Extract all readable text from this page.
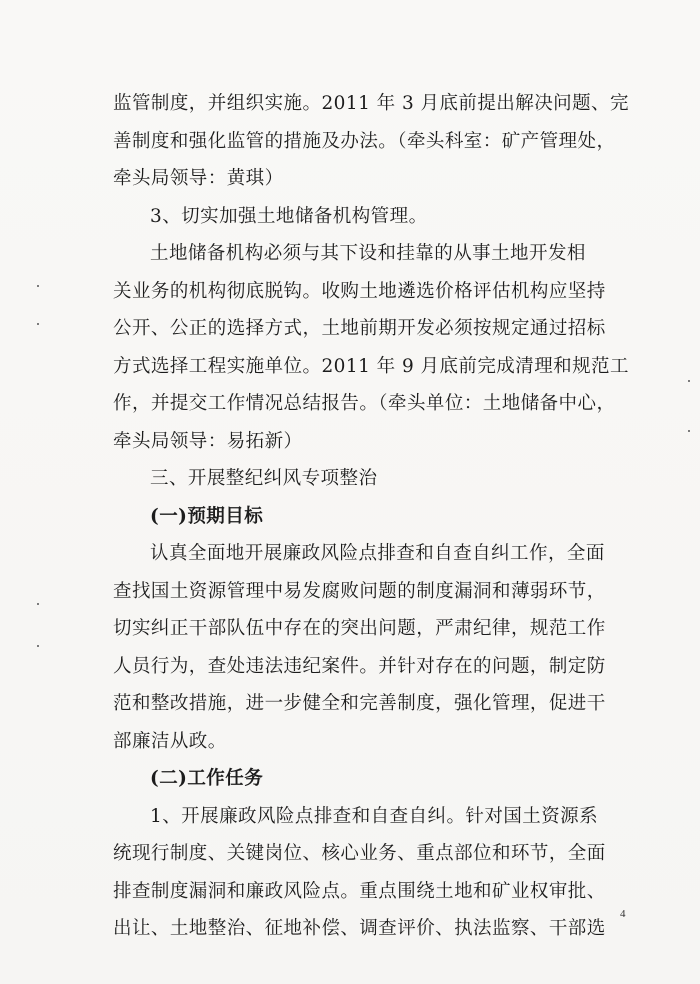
监管制度，并组织实施。2011 年 3 月底前提出解决问题、完
善制度和强化监管的措施及办法。（牵头科室：矿产管理处，
牵头局领导：黄琪）
3、切实加强土地储备机构管理。
土地储备机构必须与其下设和挂靠的从事土地开发相
关业务的机构彻底脱钩。收购土地遴选价格评估机构应坚持
公开、公正的选择方式，土地前期开发必须按规定通过招标
方式选择工程实施单位。2011 年 9 月底前完成清理和规范工
作，并提交工作情况总结报告。（牵头单位：土地储备中心，
牵头局领导：易拓新）
三、开展整纪纠风专项整治
(一)预期目标
认真全面地开展廉政风险点排查和自查自纠工作，全面
查找国土资源管理中易发腐败问题的制度漏洞和薄弱环节，
切实纠正干部队伍中存在的突出问题，严肃纪律，规范工作
人员行为，查处违法违纪案件。并针对存在的问题，制定防
范和整改措施，进一步健全和完善制度，强化管理，促进干
部廉洁从政。
(二)工作任务
1、开展廉政风险点排查和自查自纠。针对国土资源系
统现行制度、关键岗位、核心业务、重点部位和环节，全面
排查制度漏洞和廉政风险点。重点围绕土地和矿业权审批、
出让、土地整治、征地补偿、调查评价、执法监察、干部选
4
